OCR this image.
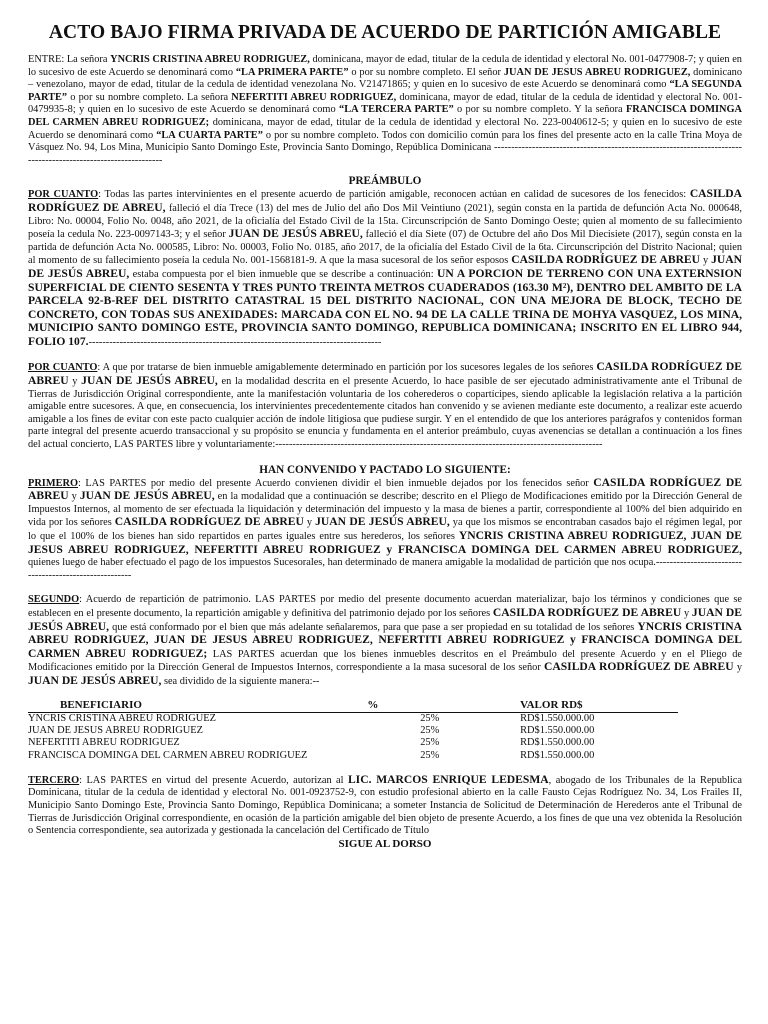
ACTO BAJO FIRMA PRIVADA DE ACUERDO DE PARTICIÓN AMIGABLE

ENTRE: La señora YNCRIS CRISTINA ABREU RODRIGUEZ, dominicana, mayor de edad, titular de la cedula de identidad y electoral No. 001-0477908-7; y quien en lo sucesivo de este Acuerdo se denominará como “LA PRIMERA PARTE” o por su nombre completo. El señor JUAN DE JESUS ABREU RODRIGUEZ, dominicano – venezolano, mayor de edad, titular de la cedula de identidad venezolana No. V21471865; y quien en lo sucesivo de este Acuerdo se denominará como “LA SEGUNDA PARTE” o por su nombre completo. La señora NEFERTITI ABREU RODRIGUEZ, dominicana, mayor de edad, titular de la cedula de identidad y electoral No. 001-0479935-8; y quien en lo sucesivo de este Acuerdo se denominará como “LA TERCERA PARTE” o por su nombre completo. Y la señora FRANCISCA DOMINGA DEL CARMEN ABREU RODRIGUEZ; dominicana, mayor de edad, titular de la cedula de identidad y electoral No. 223-0040612-5; y quien en lo sucesivo de este Acuerdo se denominará como “LA CUARTA PARTE” o por su nombre completo. Todos con domicilio común para los fines del presente acto en la calle Trina Moya de Vásquez No. 94, Los Mina, Municipio Santo Domingo Este, Provincia Santo Domingo, República Dominicana ---------------------------------------------------------------------------------------------------------------

PREÁMBULO

POR CUANTO: Todas las partes intervinientes en el presente acuerdo de partición amigable, reconocen actúan en calidad de sucesores de los fenecidos: CASILDA RODRÍGUEZ DE ABREU, falleció el día Trece (13) del mes de Julio del año Dos Mil Veintiuno (2021), según consta en la partida de defunción Acta No. 000648, Libro: No. 00004, Folio No. 0048, año 2021, de la oficialía del Estado Civil de la 15ta. Circunscripción de Santo Domingo Oeste; quien al momento de su fallecimiento poseía la cedula No. 223-0097143-3; y el señor JUAN DE JESÚS ABREU, falleció el día Siete (07) de Octubre del año Dos Mil Diecisiete (2017), según consta en la partida de defunción Acta No. 000585, Libro: No. 00003, Folio No. 0185, año 2017, de la oficialía del Estado Civil de la 6ta. Circunscripción del Distrito Nacional; quien al momento de su fallecimiento poseía la cedula No. 001-1568181-9. A que la masa sucesoral de los señor esposos CASILDA RODRÍGUEZ DE ABREU y JUAN DE JESÚS ABREU, estaba compuesta por el bien inmueble que se describe a continuación: UN A PORCION DE TERRENO CON UNA EXTERNSION SUPERFICIAL DE CIENTO SESENTA Y TRES PUNTO TREINTA METROS CUADERADOS (163.30 M²), DENTRO DEL AMBITO DE LA PARCELA 92-B-REF DEL DISTRITO CATASTRAL 15 DEL DISTRITO NACIONAL, CON UNA MEJORA DE BLOCK, TECHO DE CONCRETO, CON TODAS SUS ANEXIDADES: MARCADA CON EL NO. 94 DE LA CALLE TRINA DE MOHYA VASQUEZ, LOS MINA, MUNICIPIO SANTO DOMINGO ESTE, PROVINCIA SANTO DOMINGO, REPUBLICA DOMINICANA; INSCRITO EN EL LIBRO 944, FOLIO 107.-------------------------------------------------------------------------------------

POR CUANTO: A que por tratarse de bien inmueble amigablemente determinado en partición por los sucesores legales de los señores CASILDA RODRÍGUEZ DE ABREU y JUAN DE JESÚS ABREU, en la modalidad descrita en el presente Acuerdo, lo hace pasible de ser ejecutado administrativamente ante el Tribunal de Tierras de Jurisdicción Original correspondiente, ante la manifestación voluntaria de los coherederos o copartícipes, siendo aplicable la legislación relativa a la partición amigable entre sucesores. A que, en consecuencia, los intervinientes precedentemente citados han convenido y se avienen mediante este documento, a realizar este acuerdo amigable a los fines de evitar con este pacto cualquier acción de índole litigiosa que pudiese surgir. Y en el entendido de que los anteriores parágrafos y contenidos forman parte integral del presente acuerdo transaccional y su propósito se enuncia y fundamenta en el anterior preámbulo, cuyas avenencias se detallan a continuación a los fines del actual concierto, LAS PARTES libre y voluntariamente:-----------------------------------------------------------------------------------------------

HAN CONVENIDO Y PACTADO LO SIGUIENTE:

PRIMERO: LAS PARTES por medio del presente Acuerdo convienen dividir el bien inmueble dejados por los fenecidos señor CASILDA RODRÍGUEZ DE ABREU y JUAN DE JESÚS ABREU, en la modalidad que a continuación se describe; descrito en el Pliego de Modificaciones emitido por la Dirección General de Impuestos Internos, al momento de ser efectuada la liquidación y determinación del impuesto y la masa de bienes a partir, correspondiente al 100% del bien adquirido en vida por los señores CASILDA RODRÍGUEZ DE ABREU y JUAN DE JESÚS ABREU, ya que los mismos se encontraban casados bajo el régimen legal, por lo que el 100% de los bienes han sido repartidos en partes iguales entre sus herederos, los señores YNCRIS CRISTINA ABREU RODRIGUEZ, JUAN DE JESUS ABREU RODRIGUEZ, NEFERTITI ABREU RODRIGUEZ y FRANCISCA DOMINGA DEL CARMEN ABREU RODRIGUEZ, quienes luego de haber efectuado el pago de los impuestos Sucesorales, han determinado de manera amigable la modalidad de partición que nos ocupa.-------------------------------------------------------

SEGUNDO: Acuerdo de repartición de patrimonio. LAS PARTES por medio del presente documento acuerdan materializar, bajo los términos y condiciones que se establecen en el presente documento, la repartición amigable y definitiva del patrimonio dejado por los señores CASILDA RODRÍGUEZ DE ABREU y JUAN DE JESÚS ABREU, que está conformado por el bien que más adelante señalaremos, para que pase a ser propiedad en su totalidad de los señores YNCRIS CRISTINA ABREU RODRIGUEZ, JUAN DE JESUS ABREU RODRIGUEZ, NEFERTITI ABREU RODRIGUEZ y FRANCISCA DOMINGA DEL CARMEN ABREU RODRIGUEZ; LAS PARTES acuerdan que los bienes inmuebles descritos en el Preámbulo del presente Acuerdo y en el Pliego de Modificaciones emitido por la Dirección General de Impuestos Internos, correspondiente a la masa sucesoral de los señor CASILDA RODRÍGUEZ DE ABREU y JUAN DE JESÚS ABREU, sea dividido de la siguiente manera:--

BENEFICIARIO	%	VALOR RD$
YNCRIS CRISTINA ABREU RODRIGUEZ	25%	RD$1.550.000.00
JUAN DE JESUS ABREU RODRIGUEZ	25%	RD$1.550.000.00
NEFERTITI ABREU RODRIGUEZ	25%	RD$1.550.000.00
FRANCISCA DOMINGA DEL CARMEN ABREU RODRIGUEZ	25%	RD$1.550.000.00

TERCERO: LAS PARTES en virtud del presente Acuerdo, autorizan al LIC. MARCOS ENRIQUE LEDESMA, abogado de los Tribunales de la Republica Dominicana, titular de la cedula de identidad y electoral No. 001-0923752-9, con estudio profesional abierto en la calle Fausto Cejas Rodríguez No. 34, Los Frailes II, Municipio Santo Domingo Este, Provincia Santo Domingo, República Dominicana; a someter Instancia de Solicitud de Determinación de Herederos ante el Tribunal de Tierras de Jurisdicción Original correspondiente, en ocasión de la partición amigable del bien objeto de presente Acuerdo, a los fines de que una vez obtenida la Resolución o Sentencia correspondiente, sea autorizada y gestionada la cancelación del Certificado de Título

SIGUE AL DORSO
